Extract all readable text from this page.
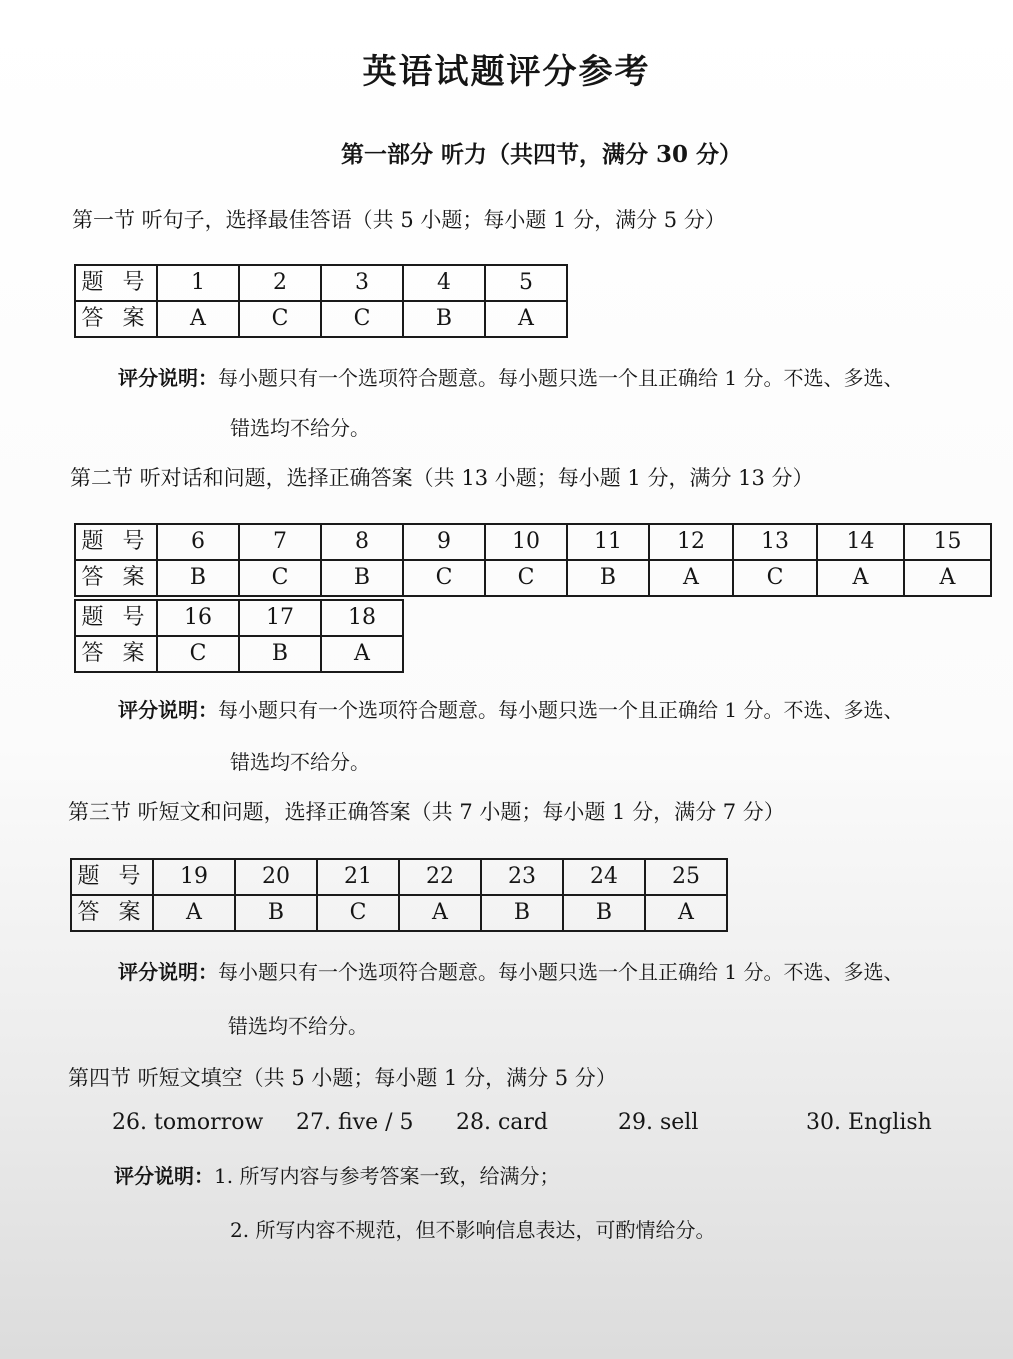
英语试题评分参考
第一部分 听力（共四节，满分 30 分）
第一节 听句子，选择最佳答语（共 5 小题；每小题 1 分，满分 5 分）
题 号	1	2	3	4	5
答 案	A	C	C	B	A
评分说明：每小题只有一个选项符合题意。每小题只选一个且正确给 1 分。不选、多选、
错选均不给分。
第二节 听对话和问题，选择正确答案（共 13 小题；每小题 1 分，满分 13 分）
题 号	6	7	8	9	10	11	12	13	14	15
答 案	B	C	B	C	C	B	A	C	A	A
题 号	16	17	18
答 案	C	B	A
评分说明：每小题只有一个选项符合题意。每小题只选一个且正确给 1 分。不选、多选、
错选均不给分。
第三节 听短文和问题，选择正确答案（共 7 小题；每小题 1 分，满分 7 分）
题 号	19	20	21	22	23	24	25
答 案	A	B	C	A	B	B	A
评分说明：每小题只有一个选项符合题意。每小题只选一个且正确给 1 分。不选、多选、
错选均不给分。
第四节 听短文填空（共 5 小题；每小题 1 分，满分 5 分）
26. tomorrow 27. five / 5 28. card	29. sell	30. English
评分说明：1. 所写内容与参考答案一致，给满分；
2. 所写内容不规范，但不影响信息表达，可酌情给分。
